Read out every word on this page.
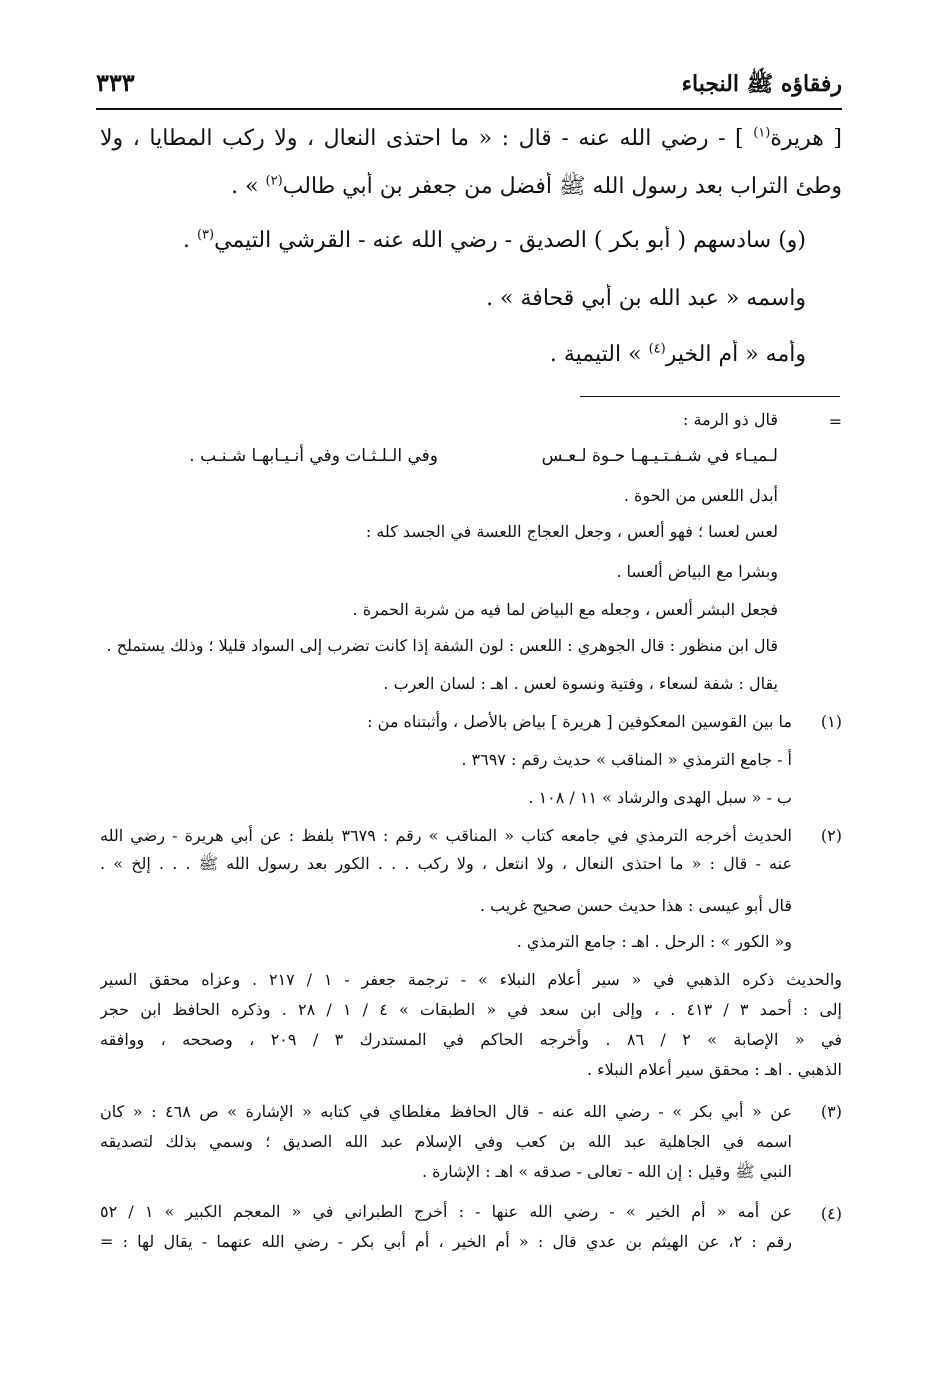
رفقاؤه ﷺ النجباء
٣٣٣
[ هريرة$^{(١)}$ ] - رضي الله عنه - قال : « ما احتذى النعال ، ولا ركب المطايا ، ولا
وطئ التراب بعد رسول الله ﷺ أفضل من جعفر بن أبي طالب$^{(٢)}$ » .
(و) سادسهم ( أبو بكر ) الصديق - رضي الله عنه - القرشي التيمي$^{(٣)}$ .
واسمه « عبد الله بن أبي قحافة » .
وأمه « أم الخير$^{(٤)}$ » التيمية .
=
قال ذو الرمة :
لـميـاء في شـفـتـيـهـا حـوة لـعـسوفي الـلـثـات وفي أنـيـابهـا شـنـب .
أبدل اللعس من الحوة .
لعس لعسا ؛ فهو ألعس ، وجعل العجاج اللعسة في الجسد كله :
وبشرا مع البياض ألعسا .
فجعل البشر ألعس ، وجعله مع البياض لما فيه من شربة الحمرة .
قال ابن منظور : قال الجوهري : اللعس : لون الشفة إذا كانت تضرب إلى السواد قليلا ؛ وذلك يستملح .
يقال : شفة لسعاء ، وفتية ونسوة لعس . اهـ : لسان العرب .
(١)
ما بين القوسين المعكوفين [ هريرة ] بياض بالأصل ، وأثبتناه من :
أ - جامع الترمذي « المناقب » حديث رقم : ٣٦٩٧ .
ب - « سبل الهدى والرشاد » ١١ / ١٠٨ .
(٢)
الحديث أخرجه الترمذي في جامعه كتاب « المناقب » رقم : ٣٦٧٩ بلفظ : عن أبي هريرة - رضي الله
عنه - قال : « ما احتذى النعال ، ولا انتعل ، ولا ركب . . . الكور بعد رسول الله ﷺ . . . إلخ » .
قال أبو عيسى : هذا حديث حسن صحيح غريب .
و« الكور » : الرحل . اهـ : جامع الترمذي .
والحديث ذكره الذهبي في « سير أعلام النبلاء » - ترجمة جعفر - ١ / ٢١٧ . وعزاه محقق السير
إلى : أحمد ٣ / ٤١٣ . ، وإلى ابن سعد في « الطبقات » ٤ / ١ / ٢٨ . وذكره الحافظ ابن حجر
في « الإصابة » ٢ / ٨٦ . وأخرجه الحاكم في المستدرك ٣ / ٢٠٩ ، وصححه ، ووافقه
الذهبي . اهـ : محقق سير أعلام النبلاء .
(٣)
عن « أبي بكر » - رضي الله عنه - قال الحافظ مغلطاي في كتابه « الإشارة » ص ٤٦٨ : « كان
اسمه في الجاهلية عبد الله بن كعب وفي الإسلام عبد الله الصديق ؛ وسمي بذلك لتصديقه
النبي ﷺ وقيل : إن الله - تعالى - صدقه » اهـ : الإشارة .
(٤)
عن أمه « أم الخير » - رضي الله عنها - : أخرج الطبراني في « المعجم الكبير » ١ / ٥٢
رقم : ٢، عن الهيثم بن عدي قال : « أم الخير ، أم أبي بكر - رضي الله عنهما - يقال لها : =
